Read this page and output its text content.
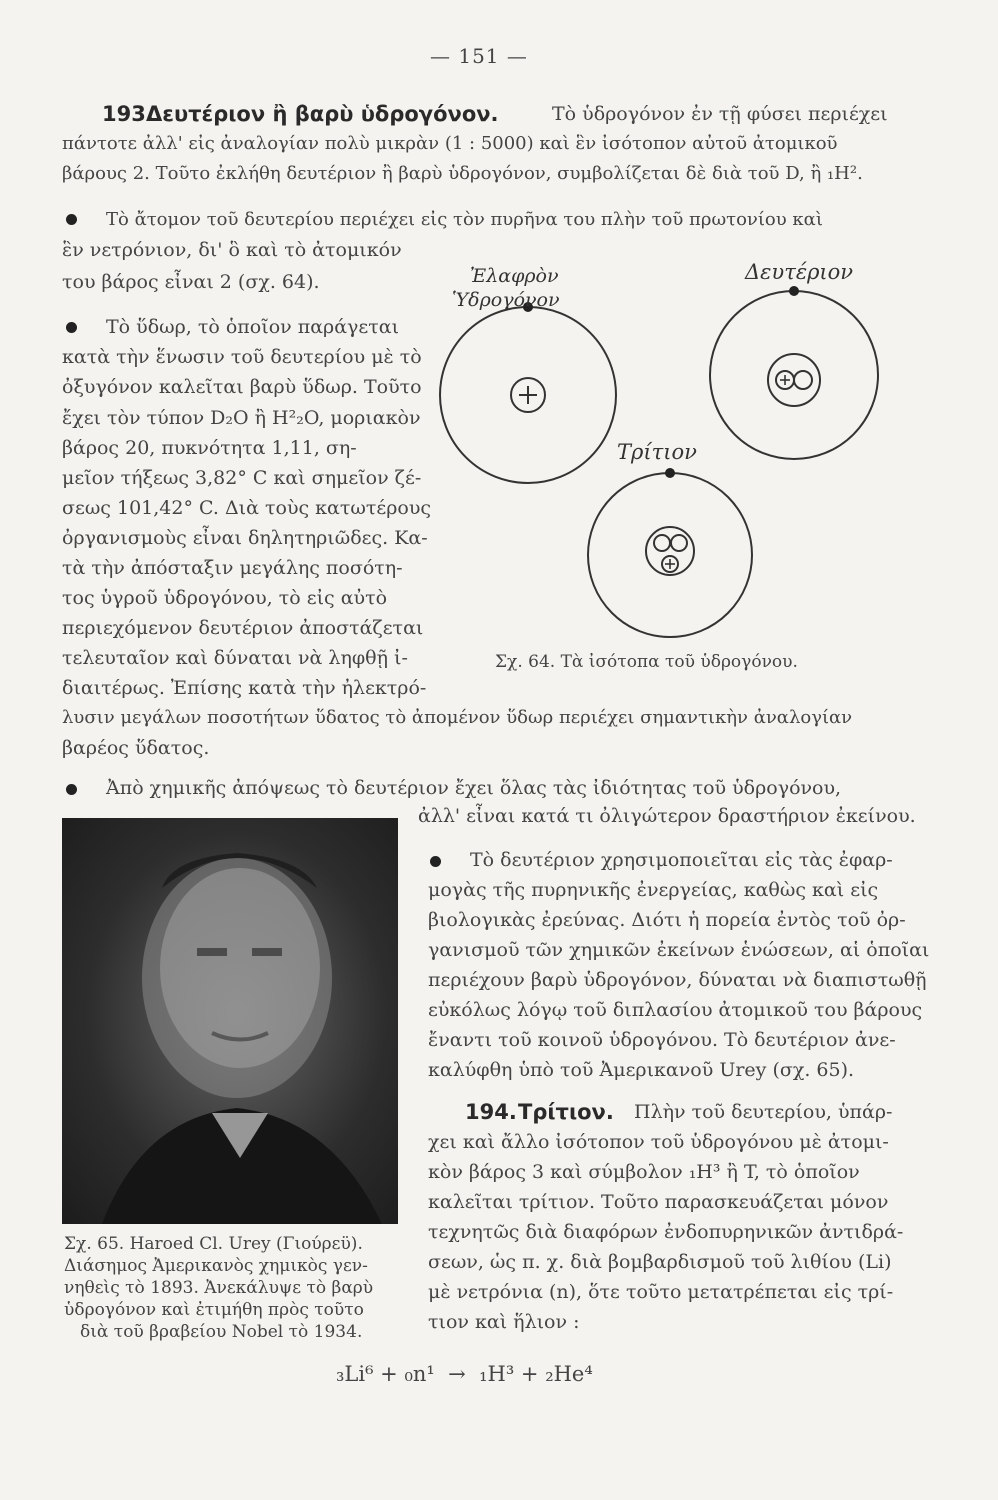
— 151 —
193.
Δευτέριον ἢ βαρὺ ὑδρογόνον.	Τὸ ὑδρογόνον ἐν τῇ φύσει περιέχει
πάντοτε ἀλλ' εἰς ἀναλογίαν πολὺ μικρὰν (1 : 5000) καὶ ἓν ἰσότοπον αὐτοῦ ἀτομικοῦ
βάρους 2. Τοῦτο ἐκλήθη δευτέριον ἢ βαρὺ ὑδρογόνον, συμβολίζεται δὲ διὰ τοῦ D, ἢ ₁H².
Τὸ ἄτομον τοῦ δευτερίου περιέχει εἰς τὸν πυρῆνα του πλὴν τοῦ πρωτονίου καὶ
ἓν νετρόνιον, δι' ὃ καὶ τὸ ἀτομικόν
του βάρος εἶναι 2 (σχ. 64).
Τὸ ὕδωρ, τὸ ὁποῖον παράγεται
κατὰ τὴν ἕνωσιν τοῦ δευτερίου μὲ τὸ
ὀξυγόνον καλεῖται βαρὺ ὕδωρ. Τοῦτο
ἔχει τὸν τύπον D₂O ἢ H²₂O, μοριακὸν
βάρος 20, πυκνότητα 1,11, ση-
μεῖον τήξεως 3,82° C καὶ σημεῖον ζέ-
σεως 101,42° C. Διὰ τοὺς κατωτέρους
ὀργανισμοὺς εἶναι δηλητηριῶδες. Κα-
τὰ τὴν ἀπόσταξιν μεγάλης ποσότη-
τος ὑγροῦ ὑδρογόνου, τὸ εἰς αὐτὸ
περιεχόμενον δευτέριον ἀποστάζεται
τελευταῖον καὶ δύναται νὰ ληφθῇ ἰ-
διαιτέρως. Ἐπίσης κατὰ τὴν ἠλεκτρό-
λυσιν μεγάλων ποσοτήτων ὕδατος τὸ ἀπομένον ὕδωρ περιέχει σημαντικὴν ἀναλογίαν
βαρέος ὕδατος.
Ἐλαφρὸν
Ὑδρογόνον
Δευτέριον
Τρίτιον
Σχ. 64. Τὰ ἰσότοπα τοῦ ὑδρογόνου.
Ἀπὸ χημικῆς ἀπόψεως τὸ δευτέριον ἔχει ὅλας τὰς ἰδιότητας τοῦ ὑδρογόνου,
ἀλλ' εἶναι κατά τι ὀλιγώτερον δραστήριον ἐκείνου.
Σχ. 65. Haroed Cl. Urey (Γιούρεϋ).
Διάσημος Ἀμερικανὸς χημικὸς γεν-
νηθεὶς τὸ 1893. Ἀνεκάλυψε τὸ βαρὺ
ὑδρογόνον καὶ ἐτιμήθη πρὸς τοῦτο
διὰ τοῦ βραβείου Nobel τὸ 1934.
Τὸ δευτέριον χρησιμοποιεῖται εἰς τὰς ἐφαρ-
μογὰς τῆς πυρηνικῆς ἐνεργείας, καθὼς καὶ εἰς
βιολογικὰς ἐρεύνας. Διότι ἡ πορεία ἐντὸς τοῦ ὀρ-
γανισμοῦ τῶν χημικῶν ἐκείνων ἑνώσεων, αἱ ὁποῖαι
περιέχουν βαρὺ ὑδρογόνον, δύναται νὰ διαπιστωθῇ
εὐκόλως λόγῳ τοῦ διπλασίου ἀτομικοῦ του βάρους
ἔναντι τοῦ κοινοῦ ὑδρογόνου. Τὸ δευτέριον ἀνε-
καλύφθη ὑπὸ τοῦ Ἀμερικανοῦ Urey (σχ. 65).
194. Τρίτιον. Πλὴν τοῦ δευτερίου, ὑπάρ-
χει καὶ ἄλλο ἰσότοπον τοῦ ὑδρογόνου μὲ ἀτομι-
κὸν βάρος 3 καὶ σύμβολον ₁H³ ἢ T, τὸ ὁποῖον
καλεῖται τρίτιον. Τοῦτο παρασκευάζεται μόνον
τεχνητῶς διὰ διαφόρων ἐνδοπυρηνικῶν ἀντιδρά-
σεων, ὡς π. χ. διὰ βομβαρδισμοῦ τοῦ λιθίου (Li)
μὲ νετρόνια (n), ὅτε τοῦτο μετατρέπεται εἰς τρί-
τιον καὶ ἥλιον :
₃Li⁶ + ₀n¹  →  ₁H³ + ₂He⁴
